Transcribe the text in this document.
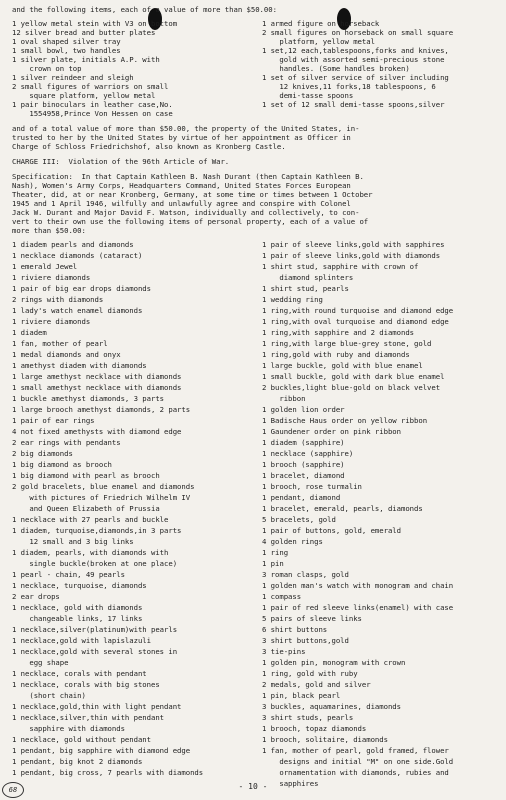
and the following items, each of a value of more than $50.00:
1 yellow metal stein with V3 on bottom
12 silver bread and butter plates
1 oval shaped silver tray
1 small bowl, two handles
1 silver plate, initials A.P. with
crown on top
1 silver reindeer and sleigh
2 small figures of warriors on small
square platform, yellow metal
1 pair binoculars in leather case,No.
1554958,Prince Von Hessen on case
1 armed figure on horseback
2 small figures on horseback on small square
platform, yellow metal
1 set,12 each,tablespoons,forks and knives,
gold with assorted semi-precious stone
handles. (Some handles broken)
1 set of silver service of silver including
12 knives,11 forks,18 tablespoons, 6
demi-tasse spoons
1 set of 12 small demi-tasse spoons,silver
and of a total value of more than $50.00, the property of the United States, in-
trusted to her by the United States by virtue of her appointment as Officer in
Charge of Schloss Friedrichshof, also known as Kronberg Castle.
CHARGE III:  Violation of the 96th Article of War.
Specification:  In that Captain Kathleen B. Nash Durant (then Captain Kathleen B.
Nash), Women's Army Corps, Headquarters Command, United States Forces European
Theater, did, at or near Kronberg, Germany, at some time or times between 1 October
1945 and 1 April 1946, wilfully and unlawfully agree and conspire with Colonel
Jack W. Durant and Major David F. Watson, individually and collectively, to con-
vert to their own use the following items of personal property, each of a value of
more than $50.00:
1 diadem pearls and diamonds
1 necklace diamonds (cataract)
1 emerald Jewel
1 riviere diamonds
1 pair of big ear drops diamonds
2 rings with diamonds
1 lady's watch enamel diamonds
1 riviere diamonds
1 diadem
1 fan, mother of pearl
1 medal diamonds and onyx
1 amethyst diadem with diamonds
1 large amethyst necklace with diamonds
1 small amethyst necklace with diamonds
1 buckle amethyst diamonds, 3 parts
1 large brooch amethyst diamonds, 2 parts
1 pair of ear rings
4 not fixed amethysts with diamond edge
2 ear rings with pendants
2 big diamonds
1 big diamond as brooch
1 big diamond with pearl as brooch
2 gold bracelets, blue enamel and diamonds
with pictures of Friedrich Wilhelm IV
and Queen Elizabeth of Prussia
1 necklace with 27 pearls and buckle
1 diadem, turquoise,diamonds,in 3 parts
12 small and 3 big links
1 diadem, pearls, with diamonds with
single buckle(broken at one place)
1 pearl - chain, 49 pearls
1 necklace, turquoise, diamonds
2 ear drops
1 necklace, gold with diamonds
changeable links, 17 links
1 necklace,silver(platinum)with pearls
1 necklace,gold with lapislazuli
1 necklace,gold with several stones in
egg shape
1 necklace, corals with pendant
1 necklace, corals with big stones
(short chain)
1 necklace,gold,thin with light pendant
1 necklace,silver,thin with pendant
sapphire with diamonds
1 necklace, gold without pendant
1 pendant, big sapphire with diamond edge
1 pendant, big knot 2 diamonds
1 pendant, big cross, 7 pearls with diamonds
1 pair of sleeve links,gold with sapphires
1 pair of sleeve links,gold with diamonds
1 shirt stud, sapphire with crown of
diamond splinters
1 shirt stud, pearls
1 wedding ring
1 ring,with round turquoise and diamond edge
1 ring,with oval turquoise and diamond edge
1 ring,with sapphire and 2 diamonds
1 ring,with large blue-grey stone, gold
1 ring,gold with ruby and diamonds
1 large buckle, gold with blue enamel
1 small buckle, gold with dark blue enamel
2 buckles,light blue-gold on black velvet
ribbon
1 golden lion order
1 Badische Haus order on yellow ribbon
1 Gaundener order on pink ribbon
1 diadem (sapphire)
1 necklace (sapphire)
1 brooch (sapphire)
1 bracelet, diamond
1 brooch, rose turmalin
1 pendant, diamond
1 bracelet, emerald, pearls, diamonds
5 bracelets, gold
1 pair of buttons, gold, emerald
4 golden rings
1 ring
1 pin
3 roman clasps, gold
1 golden man's watch with monogram and chain
1 compass
1 pair of red sleeve links(enamel) with case
5 pairs of sleeve links
6 shirt buttons
3 shirt buttons,gold
3 tie-pins
1 golden pin, monogram with crown
1 ring, gold with ruby
2 medals, gold and silver
1 pin, black pearl
3 buckles, aquamarines, diamonds
3 shirt studs, pearls
1 brooch, topaz diamonds
1 brooch, solitaire, diamonds
1 fan, mother of pearl, gold framed, flower
designs and initial "M" on one side.Gold
ornamentation with diamonds, rubies and
sapphires
- 10 -
68
